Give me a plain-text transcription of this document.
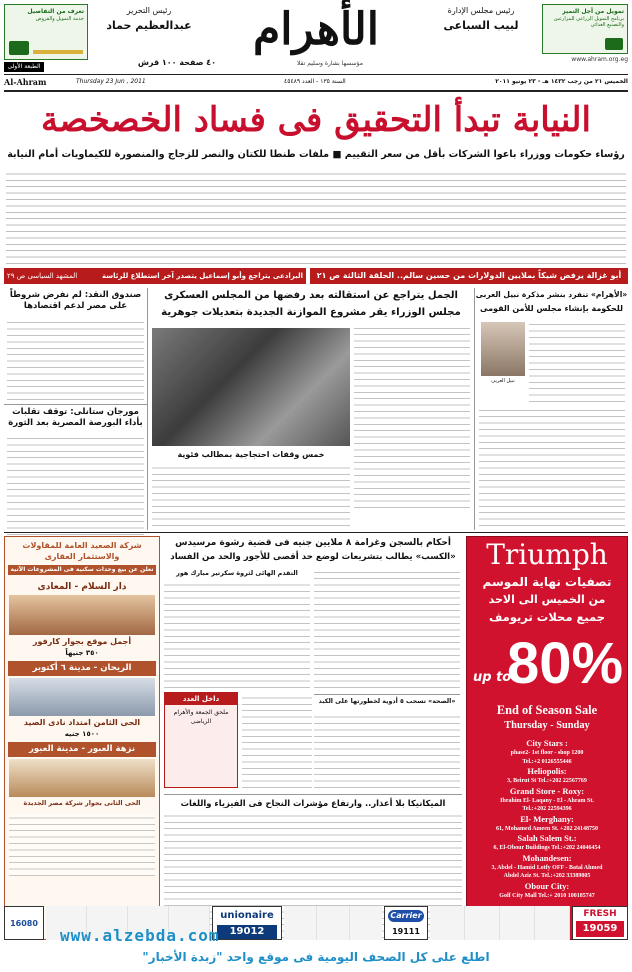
تعرف من التفاصيل
خدمة التمويل والقروض
رئيس التحرير
عبدالعظيم حماد	الأهرام	رئيس مجلس الإدارة
لبيب السباعى
تمويل من أجل التميز
برنامج التمويل الزراعي للمزارعين والتصنيع الغذائي
www.ahram.org.eg
٤٠ صفحة ١٠٠ قرش
الطبعة الأولى	مؤسسها بشارة وسليم تقلا
Al-Ahram	Thursday 23 Jun , 2011	السنة ١٣٥ - العدد ٤٥٤٨٩	الخميس ٢١ من رجب ١٤٣٢ هـ - ٢٣ يونيو ٢٠١١
النيابة تبدأ التحقيق فى فساد الخصخصة
رؤساء حكومات ووزراء باعوا الشركات بأقل من سعر التقييم ■ ملفات طنطا للكتان والنصر للزجاج والمنصورة للكيماويات أمام النيابة
أبو غزالة يرفض شيكاً بملايين الدولارات من حسين سالم.. الحلقة الثالثة ص ٢١
المشهد السياسى ص ٢٩	البرادعى يتراجع وأبو إسماعيل يتصدر آخر استطلاع للرئاسة
صندوق النقد: لم نفرض شروطاً على مصر لدعم اقتصادها
مورجان ستانلى: توقف تقلبات بأداء البورصة المصرية بعد الثورة
الجمل يتراجع عن استقالته بعد رفضها من المجلس العسكرى
مجلس الوزراء يقر مشروع الموازنة الجديدة بتعديلات جوهرية
خمس وقفات احتجاجية بمطالب فئوية
«الأهرام» تنفرد بنشر مذكرة نبيل العربى
للحكومة بإنشاء مجلس للأمن القومى
نبيل العربى
شركة الصعيد العامة للمقاولات والاستثمار العقارى
تعلن عن بيع وحدات سكنية فى المشروعات الآتية
دار السلام - المعادى
أجمل موقع بجوار كارفور
٣٥٠ جنيهاً
الريحان - مدينة ٦ أكتوبر
الحى الثامن امتداد نادى الصيد
١٥٠٠ جنيه
نزهة العبور - مدينة العبور
الحى الثانى بجوار شركة مصر الجديدة
أحكام بالسجن وغرامة ٨ ملايين جنيه فى قضية رشوة مرسيدس
«الكسب» يطالب بتشريعات لوضع حد أقصى للأجور والحد من الفساد
التقدم الهائى لثروة سكرتير مبارك هور
داخل العدد
ملحق الجمعة والأهرام الرياضى
«الصحة» تسحب ٥ أدوية لخطورتها على الكبد
الميكانيكا بلا أعذار.. وارتفاع مؤشرات النجاح فى الفيزياء واللغات
Triumph
تصفيات نهاية الموسم
من الخميس الى الاحد
جميع محلات تريومف
up to
80%
End of Season Sale
Thursday - Sunday
City Stars :
phase2- 1st floor - shop 1200
Tel.:+2 0126555446
Heliopolis:
3, Beirut St Tel.:+202 22567769
Grand Store - Roxy:
Ibrahim El- Laqany - El - Ahram St.
Tel.:+202 22594396
El- Merghany:
61, Mohamed Ameen St. +202 24148750
Salah Salem St.:
6, El-Obour Buildings Tel.:+202 24046454
Mohandesen:
3, Abdel - Hamid Lotfy OFF - Batal Ahmed
Abdel Aziz St. Tel.:+202 33389805
Obour City:
Golf City Mall Tel.:+ 2010 100185747
16080
unionaire
19012
Carrier
19111
FRESH
19059
www.alzebda.com
اطلع على كل الصحف اليومية فى موقع واحد "زبدة الأخبار"
